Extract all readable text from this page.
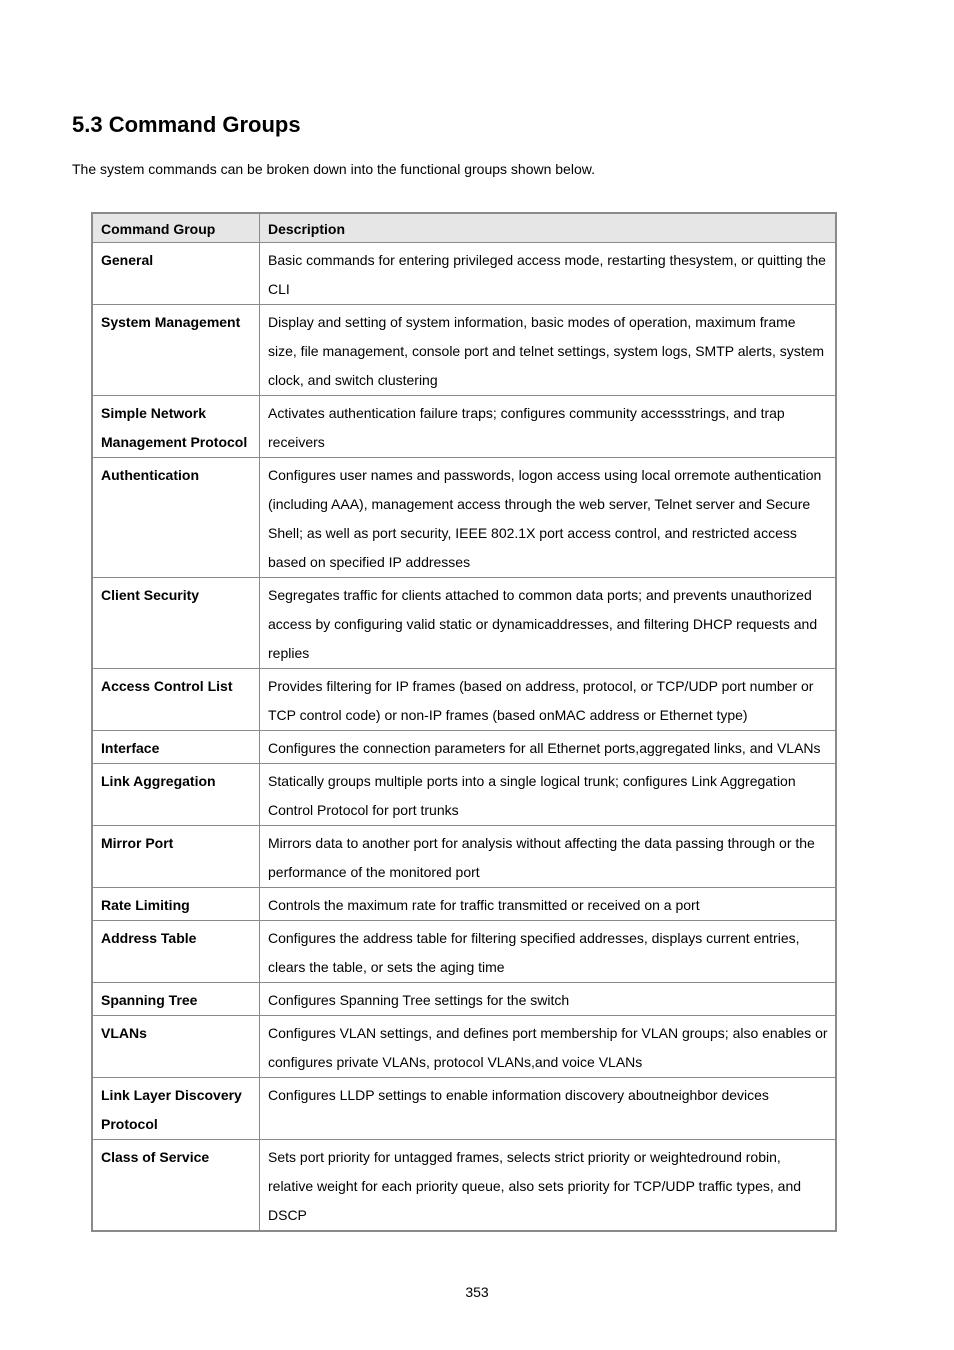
5.3 Command Groups

The system commands can be broken down into the functional groups shown below.

Command Group	Description
General	Basic commands for entering privileged access mode, restarting thesystem, or quitting the CLI
System Management	Display and setting of system information, basic modes of operation, maximum frame size, file management, console port and telnet settings, system logs, SMTP alerts, system clock, and switch clustering
Simple Network Management Protocol	Activates authentication failure traps; configures community accessstrings, and trap receivers
Authentication	Configures user names and passwords, logon access using local orremote authentication (including AAA), management access through the web server, Telnet server and Secure Shell; as well as port security, IEEE 802.1X port access control, and restricted access based on specified IP addresses
Client Security	Segregates traffic for clients attached to common data ports; and prevents unauthorized access by configuring valid static or dynamicaddresses, and filtering DHCP requests and replies
Access Control List	Provides filtering for IP frames (based on address, protocol, or TCP/UDP port number or TCP control code) or non-IP frames (based onMAC address or Ethernet type)
Interface	Configures the connection parameters for all Ethernet ports,aggregated links, and VLANs
Link Aggregation	Statically groups multiple ports into a single logical trunk; configures Link Aggregation Control Protocol for port trunks
Mirror Port	Mirrors data to another port for analysis without affecting the data passing through or the performance of the monitored port
Rate Limiting	Controls the maximum rate for traffic transmitted or received on a port
Address Table	Configures the address table for filtering specified addresses, displays current entries, clears the table, or sets the aging time
Spanning Tree	Configures Spanning Tree settings for the switch
VLANs	Configures VLAN settings, and defines port membership for VLAN groups; also enables or configures private VLANs, protocol VLANs,and voice VLANs
Link Layer Discovery Protocol	Configures LLDP settings to enable information discovery aboutneighbor devices
Class of Service	Sets port priority for untagged frames, selects strict priority or weightedround robin, relative weight for each priority queue, also sets priority for TCP/UDP traffic types, and DSCP

353
